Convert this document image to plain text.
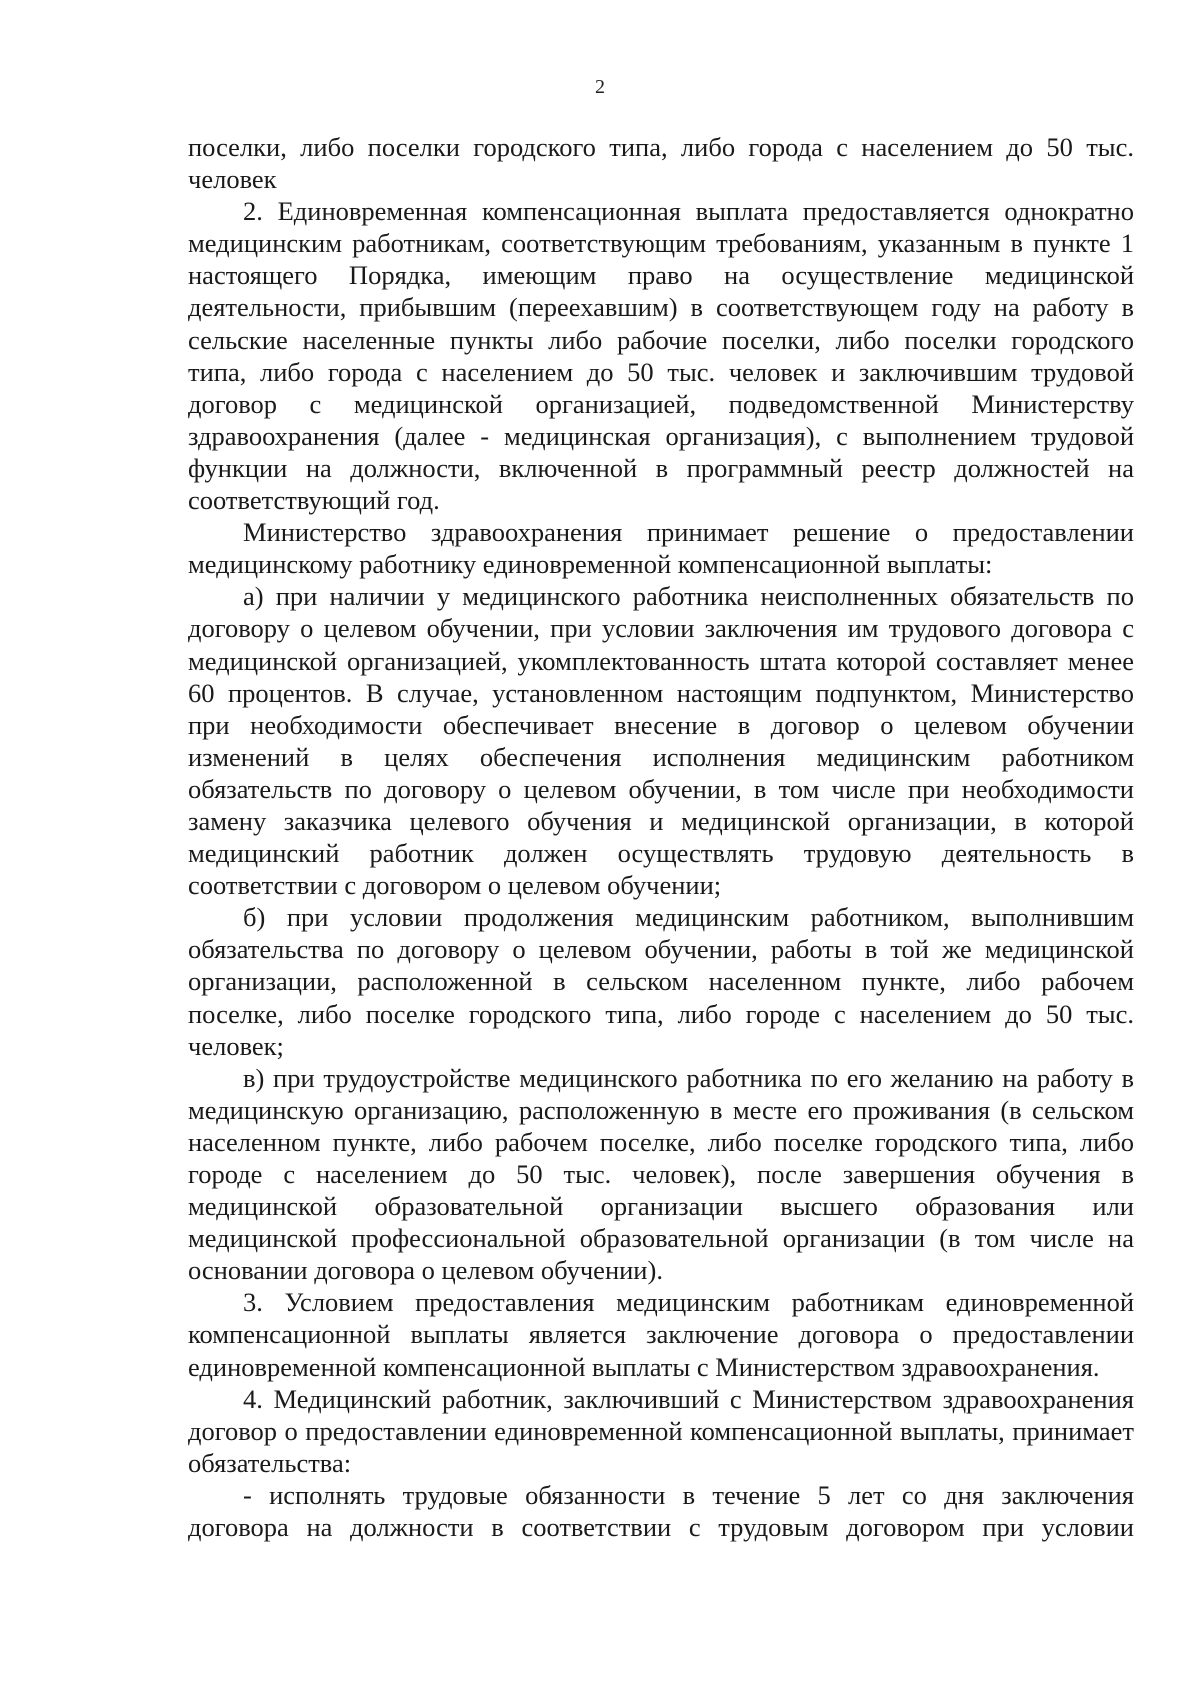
2

поселки, либо поселки городского типа, либо города с населением до 50 тыс. человек

2. Единовременная компенсационная выплата предоставляется однократно медицинским работникам, соответствующим требованиям, указанным в пункте 1 настоящего Порядка, имеющим право на осуществление медицинской деятельности, прибывшим (переехавшим) в соответствующем году на работу в сельские населенные пункты либо рабочие поселки, либо поселки городского типа, либо города с населением до 50 тыс. человек и заключившим трудовой договор с медицинской организацией, подведомственной Министерству здравоохранения (далее - медицинская организация), с выполнением трудовой функции на должности, включенной в программный реестр должностей на соответствующий год.

Министерство здравоохранения принимает решение о предоставлении медицинскому работнику единовременной компенсационной выплаты:

а) при наличии у медицинского работника неисполненных обязательств по договору о целевом обучении, при условии заключения им трудового договора с медицинской организацией, укомплектованность штата которой составляет менее 60 процентов. В случае, установленном настоящим подпунктом, Министерство при необходимости обеспечивает внесение в договор о целевом обучении изменений в целях обеспечения исполнения медицинским работником обязательств по договору о целевом обучении, в том числе при необходимости замену заказчика целевого обучения и медицинской организации, в которой медицинский работник должен осуществлять трудовую деятельность в соответствии с договором о целевом обучении;

б) при условии продолжения медицинским работником, выполнившим обязательства по договору о целевом обучении, работы в той же медицинской организации, расположенной в сельском населенном пункте, либо рабочем поселке, либо поселке городского типа, либо городе с населением до 50 тыс. человек;

в) при трудоустройстве медицинского работника по его желанию на работу в медицинскую организацию, расположенную в месте его проживания (в сельском населенном пункте, либо рабочем поселке, либо поселке городского типа, либо городе с населением до 50 тыс. человек), после завершения обучения в медицинской образовательной организации высшего образования или медицинской профессиональной образовательной организации (в том числе на основании договора о целевом обучении).

3. Условием предоставления медицинским работникам единовременной компенсационной выплаты является заключение договора о предоставлении единовременной компенсационной выплаты с Министерством здравоохранения.

4. Медицинский работник, заключивший с Министерством здравоохранения договор о предоставлении единовременной компенсационной выплаты, принимает обязательства:

- исполнять трудовые обязанности в течение 5 лет со дня заключения договора на должности в соответствии с трудовым договором при условии
